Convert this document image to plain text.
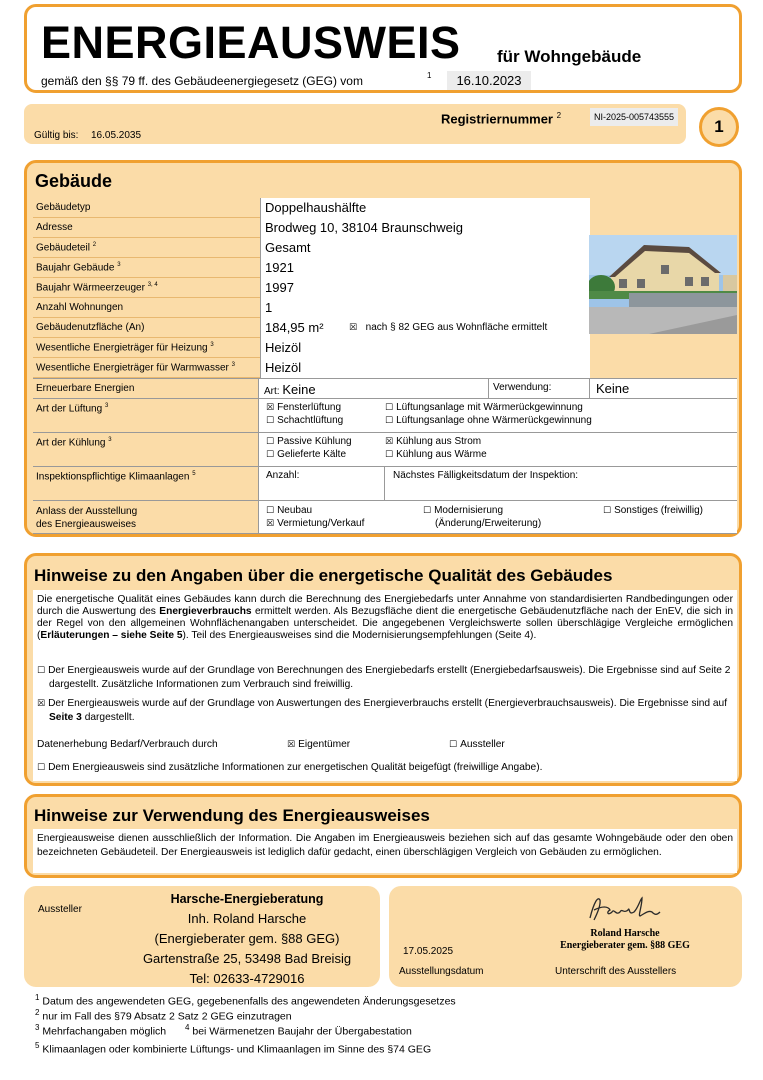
ENERGIEAUSWEIS für Wohngebäude
gemäß den §§ 79 ff. des Gebäudeenergiegesetz (GEG) vom	1	16.10.2023
Registriernummer $^2$	NI-2025-005743555
Gültig bis: 16.05.2035	1
Gebäude
Gebäudetyp	Doppelhaushälfte
Adresse	Brodweg 10, 38104 Braunschweig
Gebäudeteil $^2$	Gesamt
Baujahr Gebäude $^3$	1921
Baujahr Wärmeerzeuger $^{3, 4}$	1997
Anzahl Wohnungen	1
Gebäudenutzfläche (An)	184,95 m²	☒ nach § 82 GEG aus Wohnfläche ermittelt
Wesentliche Energieträger für Heizung $^3$	Heizöl
Wesentliche Energieträger für Warmwasser $^3$	Heizöl
Erneuerbare Energien	Art: Keine	Verwendung:	Keine
Art der Lüftung $^3$	☒ Fensterlüftung
☐ Schachtlüftung
☐ Lüftungsanlage mit Wärmerückgewinnung
☐ Lüftungsanlage ohne Wärmerückgewinnung
Art der Kühlung $^3$	☐ Passive Kühlung
☐ Gelieferte Kälte
☒ Kühlung aus Strom
☐ Kühlung aus Wärme
Inspektionspflichtige Klimaanlagen $^5$	Anzahl:	Nächstes Fälligkeitsdatum der Inspektion:
Anlass der Ausstellung
des Energieausweises
☐ Neubau
☒ Vermietung/Verkauf
☐ Modernisierung
(Änderung/Erweiterung)
☐ Sonstiges (freiwillig)
Hinweise zu den Angaben über die energetische Qualität des Gebäudes
Die energetische Qualität eines Gebäudes kann durch die Berechnung des Energiebedarfs unter Annahme von standardisierten Randbedingungen oder durch die Auswertung des Energieverbrauchs ermittelt werden. Als Bezugsfläche dient die energetische Gebäudenutzfläche nach der EnEV, die sich in der Regel von den allgemeinen Wohnflächenangaben unterscheidet. Die angegebenen Vergleichswerte sollen überschlägige Vergleiche ermöglichen (Erläuterungen – siehe Seite 5). Teil des Energieausweises sind die Modernisierungsempfehlungen (Seite 4).
☐ Der Energieausweis wurde auf der Grundlage von Berechnungen des Energiebedarfs erstellt (Energiebedarfsausweis). Die Ergebnisse sind auf Seite 2 dargestellt. Zusätzliche Informationen zum Verbrauch sind freiwillig.
☒ Der Energieausweis wurde auf der Grundlage von Auswertungen des Energieverbrauchs erstellt (Energieverbrauchsausweis). Die Ergebnisse sind auf Seite 3 dargestellt.
Datenerhebung Bedarf/Verbrauch durch	☒ Eigentümer	☐ Aussteller
☐ Dem Energieausweis sind zusätzliche Informationen zur energetischen Qualität beigefügt (freiwillige Angabe).
Hinweise zur Verwendung des Energieausweises
Energieausweise dienen ausschließlich der Information. Die Angaben im Energieausweis beziehen sich auf das gesamte Wohngebäude oder den oben bezeichneten Gebäudeteil. Der Energieausweis ist lediglich dafür gedacht, einen überschlägigen Vergleich von Gebäuden zu ermöglichen.
Aussteller
Harsche-Energieberatung
Inh. Roland Harsche
(Energieberater gem. §88 GEG)
Gartenstraße 25, 53498 Bad Breisig
Tel: 02633-4729016
Roland Harsche
Energieberater gem. §88 GEG
17.05.2025
Ausstellungsdatum	Unterschrift des Ausstellers
$^1$ Datum des angewendeten GEG, gegebenenfalls des angewendeten Änderungsgesetzes
$^2$ nur im Fall des §79 Absatz 2 Satz 2 GEG einzutragen
$^3$ Mehrfachangaben möglich $^4$ bei Wärmenetzen Baujahr der Übergabestation
$^5$ Klimaanlagen oder kombinierte Lüftungs- und Klimaanlagen im Sinne des §74 GEG
